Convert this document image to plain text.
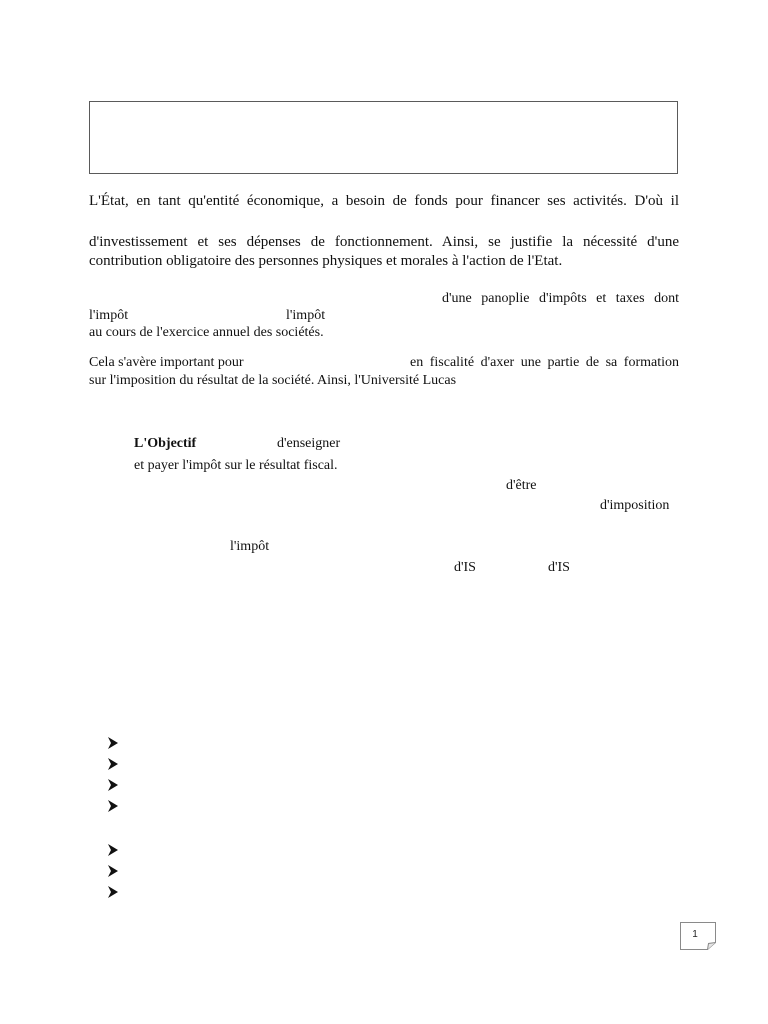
L'État, en tant qu'entité économique, a besoin de fonds pour financer ses activités. D'où il
d'investissement et ses dépenses de fonctionnement. Ainsi, se justifie la nécessité d'une
contribution obligatoire des personnes physiques et morales à l'action de l'Etat.
d'une panoplie d'impôts et taxes dont
l'impôt	l'impôt
au cours de l'exercice annuel des sociétés.
Cela s'avère important pour	en fiscalité d'axer une partie de sa formation
sur l'imposition du résultat de la société. Ainsi, l'Université Lucas
L'Objectif	d'enseigner
et payer l'impôt sur le résultat fiscal.
d'être
d'imposition
l'impôt
d'IS	d'IS
1
